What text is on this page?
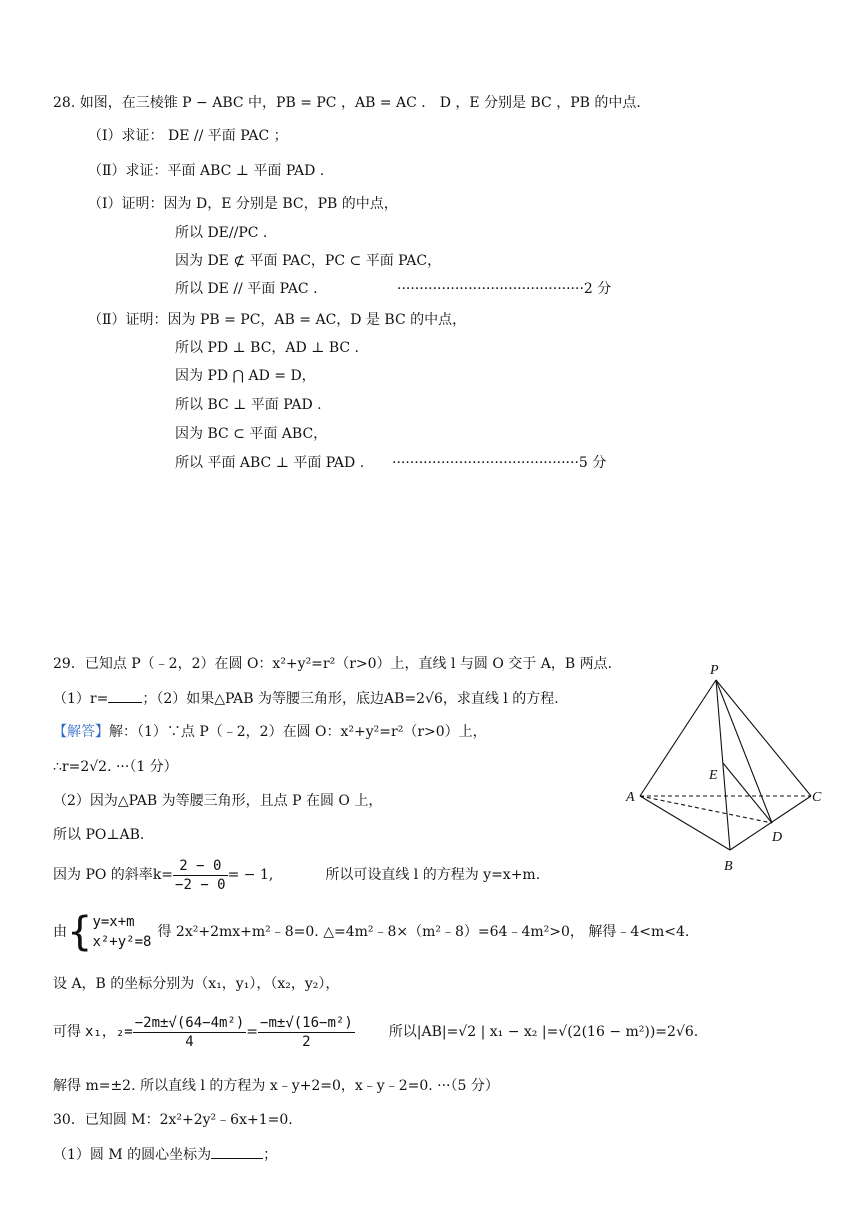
28. 如图，在三棱锥 P − ABC 中，PB = PC ，AB = AC ． D ，E 分别是 BC ，PB 的中点．
（Ⅰ）求证： DE // 平面 PAC ；
（Ⅱ）求证：平面 ABC ⊥ 平面 PAD .
（Ⅰ）证明：因为 D，E 分别是 BC，PB 的中点，
所以 DE//PC .
因为 DE ⊄ 平面 PAC，PC ⊂ 平面 PAC，
所以 DE // 平面 PAC .	··········································2 分
（Ⅱ）证明：因为 PB = PC，AB = AC，D 是 BC 的中点，
所以 PD ⊥ BC，AD ⊥ BC .
因为 PD ⋂ AD = D，
所以 BC ⊥ 平面 PAD .
因为 BC ⊂ 平面 ABC，
所以 平面 ABC ⊥ 平面 PAD . ··········································5 分
P
A	C
B
D
E
29．已知点 P（﹣2，2）在圆 O：x²+y²=r²（r>0）上，直线 l 与圆 O 交于 A，B 两点．
（1）r= ；（2）如果△PAB 为等腰三角形，底边AB=2√6，求直线 l 的方程.
【解答】解：（1）∵点 P（﹣2，2）在圆 O：x²+y²=r²（r>0）上，
∴r=2√2. ···（1 分）
（2）因为△PAB 为等腰三角形，且点 P 在圆 O 上，
所以 PO⊥AB.
因为 PO 的斜率$k= \frac{2 - 0}{-2 - 0}$ = − 1,	所以可设直线 l 的方程为 y=x+m.
由{ y=x+m
x²+y²=8
得 2x²+2mx+m²﹣8=0. △=4m²﹣8×（m²﹣8）=64﹣4m²>0， 解得﹣4<m<4.
设 A，B 的坐标分别为（x₁，y₁），（x₂，y₂），
可得 x₁，$_2= \frac{\text{−2m±√(64−4m²)}}{4} = \frac{\text{−m±√(16−m²)}}{2}$ 所以|AB|=√2 | x₁ − x₂ |=√(2(16 − m²))=2√6.
解得 m=±2. 所以直线 l 的方程为 x﹣y+2=0，x﹣y﹣2=0. ···（5 分）
30．已知圆 M：2x²+2y²﹣6x+1=0.
（1）圆 M 的圆心坐标为	；
